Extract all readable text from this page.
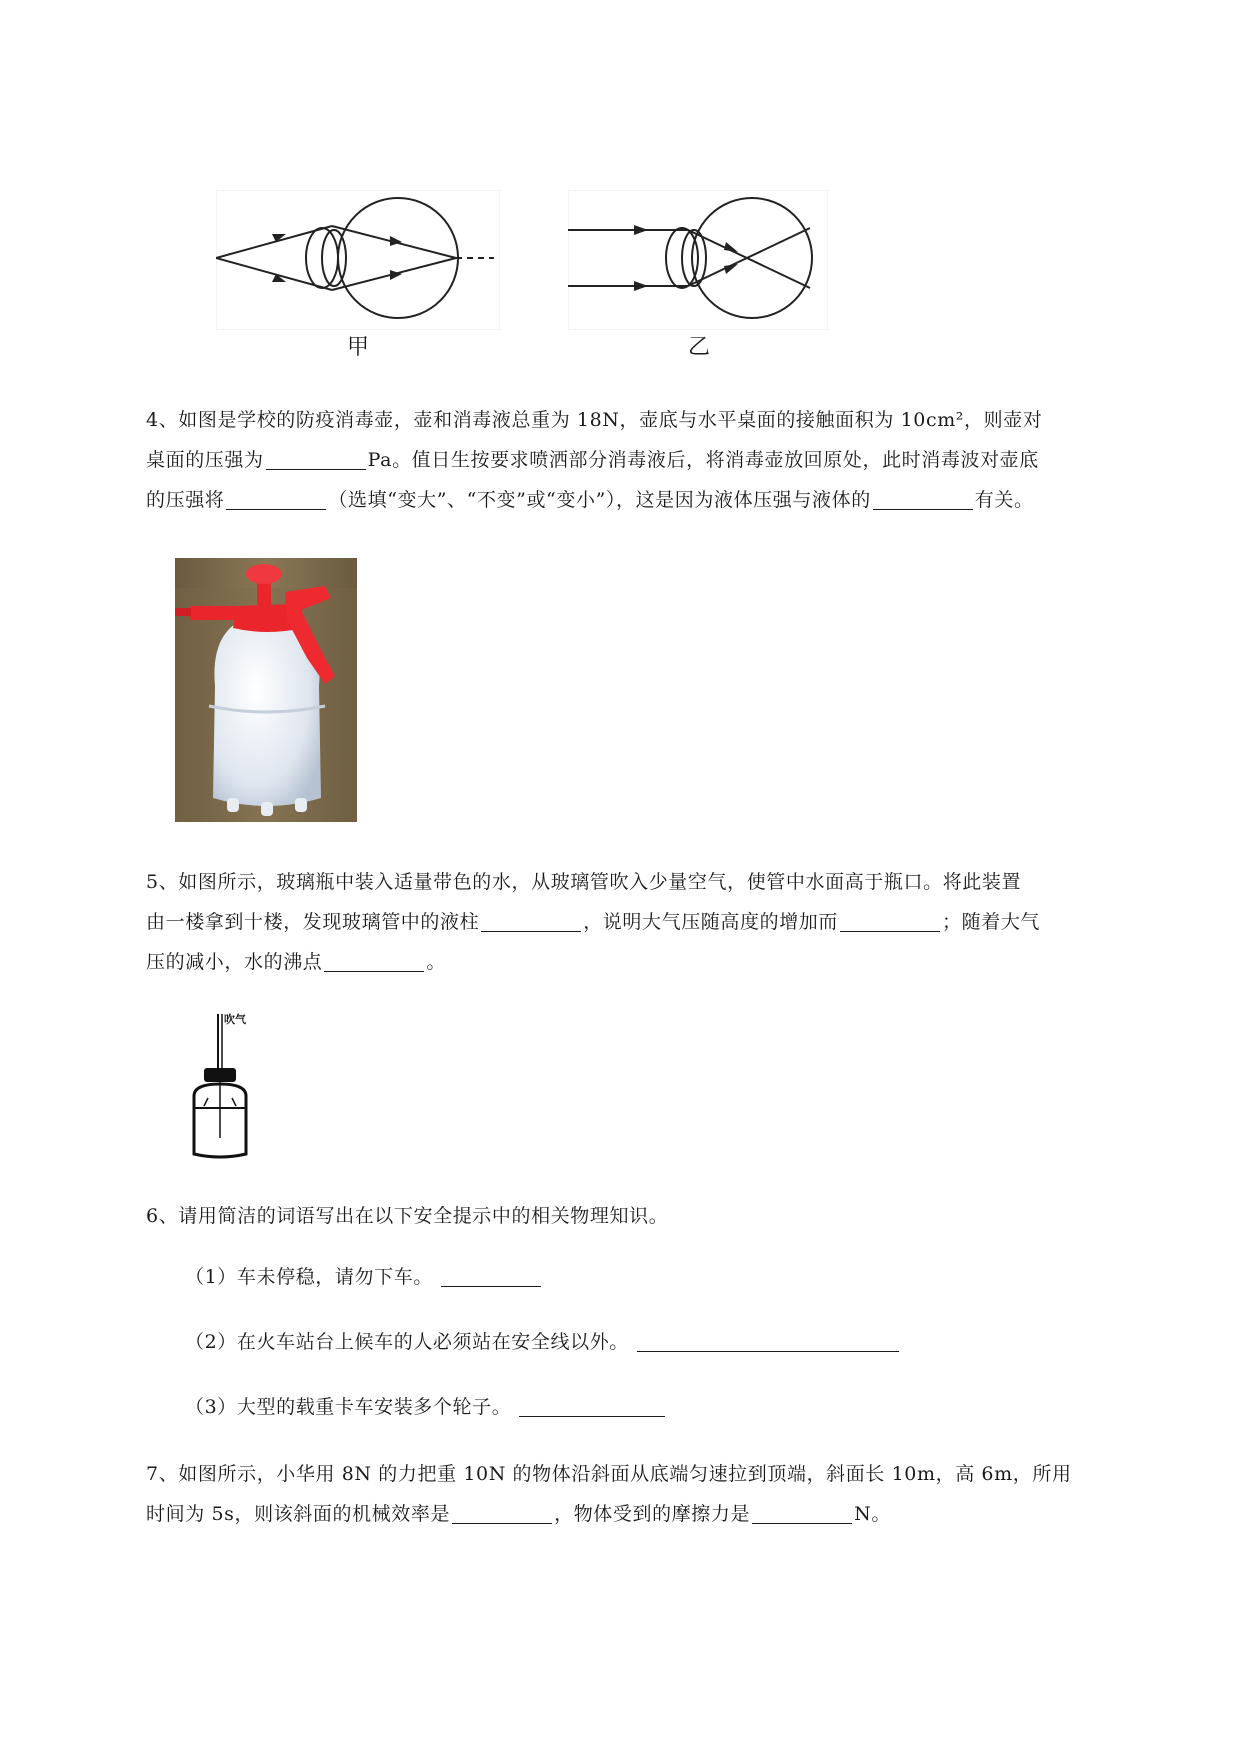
甲	乙

4、如图是学校的防疫消毒壶，壶和消毒液总重为 18N，壶底与水平桌面的接触面积为 10cm²，则壶对

桌面的压强为	Pa。值日生按要求喷洒部分消毒液后，将消毒壶放回原处，此时消毒波对壶底

的压强将	（选填“变大”、“不变”或“变小”），这是因为液体压强与液体的	有关。

5、如图所示，玻璃瓶中装入适量带色的水，从玻璃管吹入少量空气，使管中水面高于瓶口。将此装置

由一楼拿到十楼，发现玻璃管中的液柱	，说明大气压随高度的增加而	；随着大气

压的减小，水的沸点	。

吹气

6、请用简洁的词语写出在以下安全提示中的相关物理知识。

（1）车未停稳，请勿下车。
（2）在火车站台上候车的人必须站在安全线以外。
（3）大型的载重卡车安装多个轮子。

7、如图所示，小华用 8N 的力把重 10N 的物体沿斜面从底端匀速拉到顶端，斜面长 10m，高 6m，所用

时间为 5s，则该斜面的机械效率是	，物体受到的摩擦力是	N。
